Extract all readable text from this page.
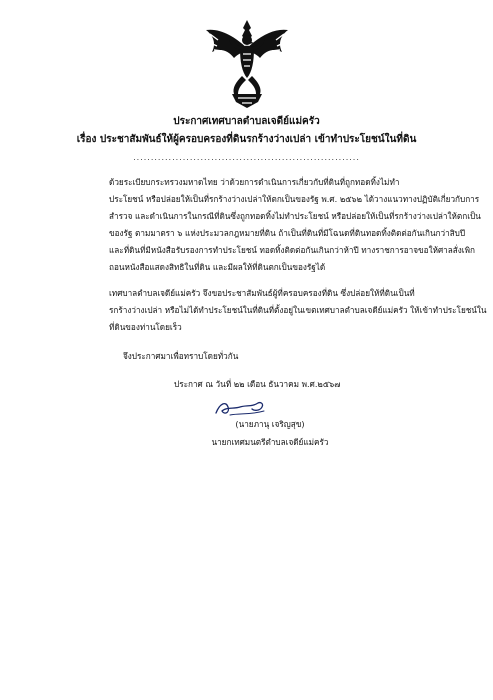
ประกาศเทศบาลตำบลเจดีย์แม่ครัว
เรื่อง ประชาสัมพันธ์ให้ผู้ครอบครองที่ดินรกร้างว่างเปล่า เข้าทำประโยชน์ในที่ดิน
................................................................
ด้วยระเบียบกระทรวงมหาดไทย ว่าด้วยการดำเนินการเกี่ยวกับที่ดินที่ถูกทอดทิ้งไม่ทำ
ประโยชน์ หรือปล่อยให้เป็นที่รกร้างว่างเปล่าให้ตกเป็นของรัฐ พ.ศ. ๒๕๖๒ ได้วางแนวทางปฏิบัติเกี่ยวกับการ
สำรวจ และดำเนินการในกรณีที่ดินซึ่งถูกทอดทิ้งไม่ทำประโยชน์ หรือปล่อยให้เป็นที่รกร้างว่างเปล่าให้ตกเป็น
ของรัฐ ตามมาตรา ๖ แห่งประมวลกฎหมายที่ดิน ถ้าเป็นที่ดินที่มีโฉนดที่ดินทอดทิ้งติดต่อกันเกินกว่าสิบปี
และที่ดินที่มีหนังสือรับรองการทำประโยชน์ ทอดทิ้งติดต่อกันเกินกว่าห้าปี ทางราชการอาจขอให้ศาลสั่งเพิก
ถอนหนังสือแสดงสิทธิในที่ดิน และมีผลให้ที่ดินตกเป็นของรัฐได้
เทศบาลตำบลเจดีย์แม่ครัว จึงขอประชาสัมพันธ์ผู้ที่ครอบครองที่ดิน ซึ่งปล่อยให้ที่ดินเป็นที่
รกร้างว่างเปล่า หรือไม่ได้ทำประโยชน์ในที่ดินที่ตั้งอยู่ในเขตเทศบาลตำบลเจดีย์แม่ครัว ให้เข้าทำประโยชน์ใน
ที่ดินของท่านโดยเร็ว
จึงประกาศมาเพื่อทราบโดยทั่วกัน
ประกาศ ณ วันที่ ๒๒ เดือน ธันวาคม พ.ศ.๒๕๖๗
(นายภานุ เจริญสุข)
นายกเทศมนตรีตำบลเจดีย์แม่ครัว
